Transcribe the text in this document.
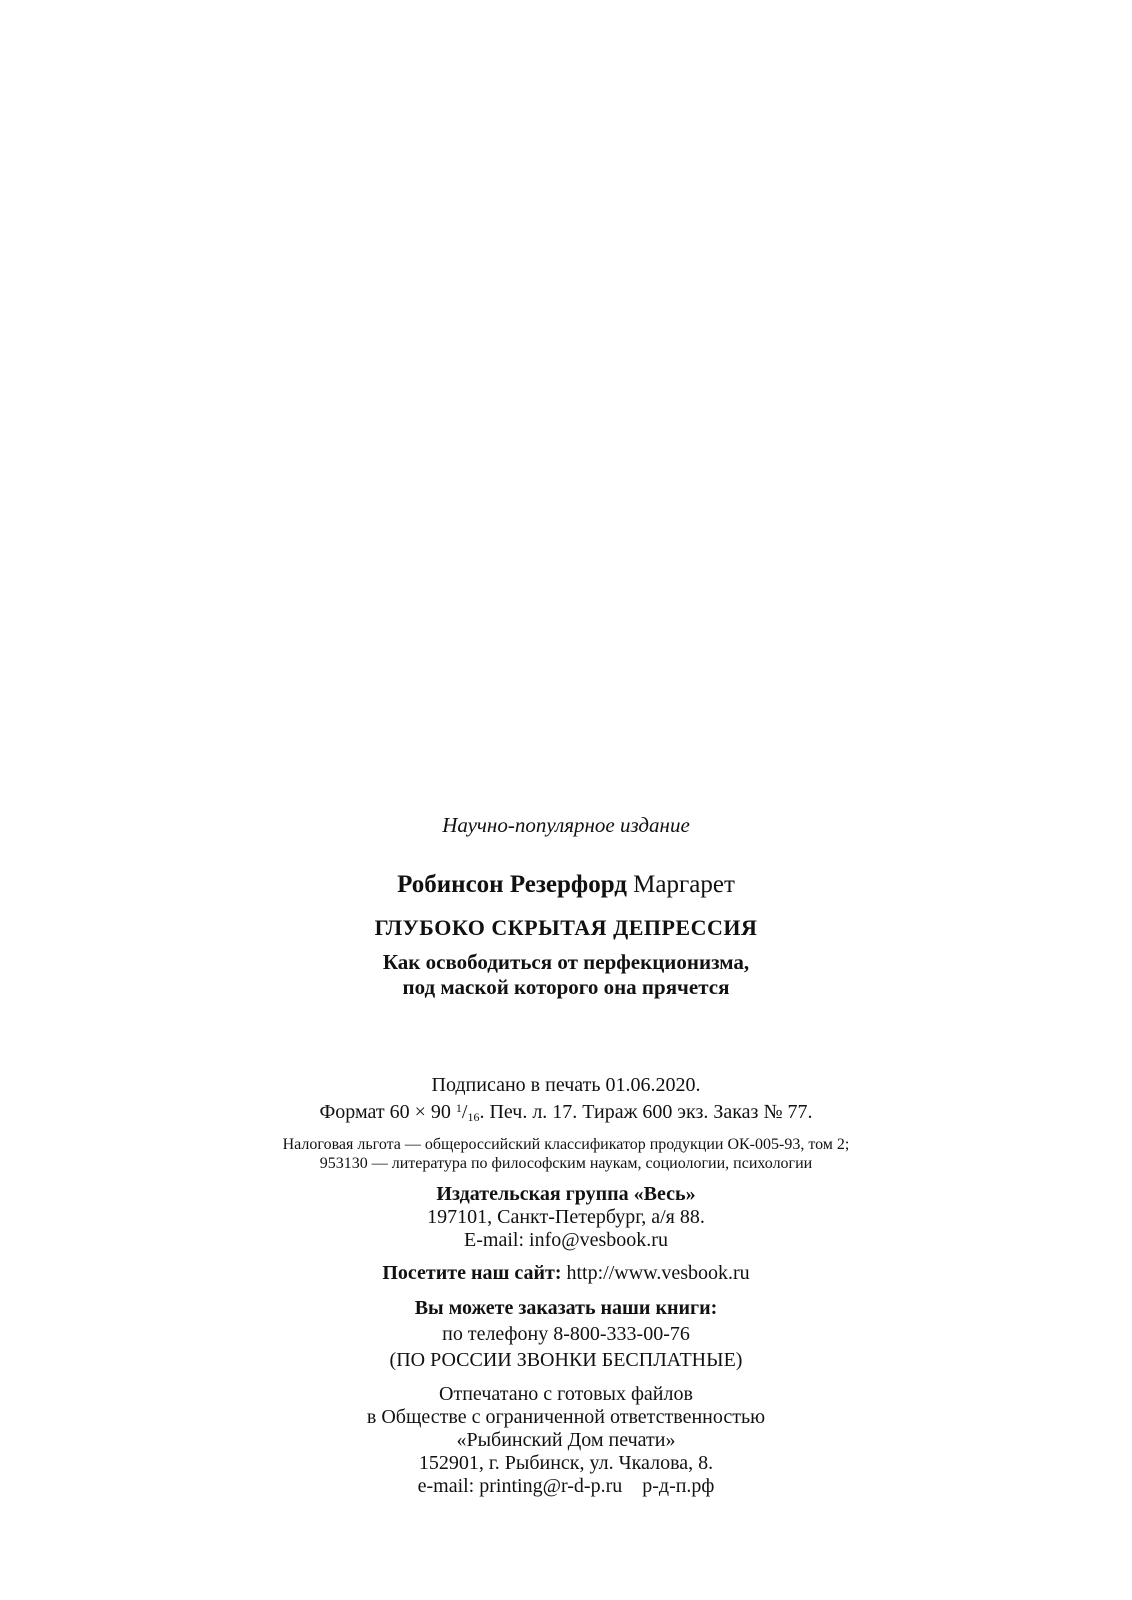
Научно-популярное издание
Робинсон Резерфорд Маргарет
ГЛУБОКО СКРЫТАЯ ДЕПРЕССИЯ
Как освободиться от перфекционизма,
под маской которого она прячется
Подписано в печать 01.06.2020.
Формат 60 × 90 $^1/_{16}$. Печ. л. 17. Тираж 600 экз. Заказ № 77.
Налоговая льгота — общероссийский классификатор продукции ОК-005-93, том 2;
953130 — литература по философским наукам, социологии, психологии
Издательская группа «Весь»
197101, Санкт-Петербург, а/я 88.
E-mail: info@vesbook.ru
Посетите наш сайт: http://www.vesbook.ru
Вы можете заказать наши книги:
по телефону 8-800-333-00-76
(ПО РОССИИ ЗВОНКИ БЕСПЛАТНЫЕ)
Отпечатано с готовых файлов
в Обществе с ограниченной ответственностью
«Рыбинский Дом печати»
152901, г. Рыбинск, ул. Чкалова, 8.
e-mail: printing@r-d-p.ru р-д-п.рф
